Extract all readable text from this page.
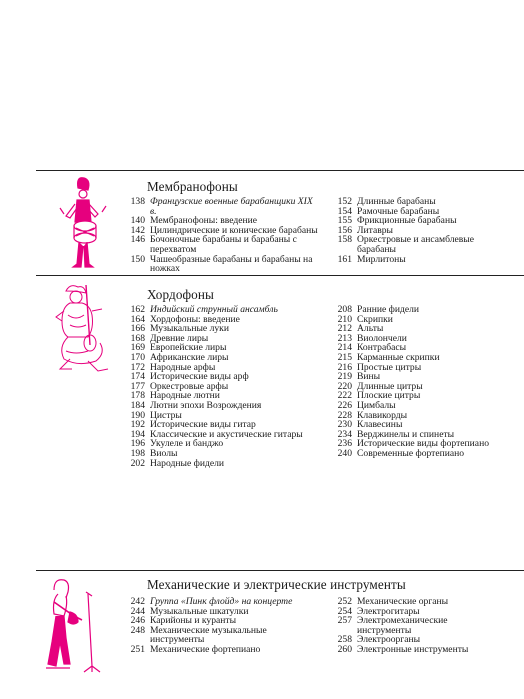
Мембранофоны
138 Французские военные барабанщики XIX в.
140 Мембранофоны: введение
142 Цилиндрические и конические барабаны
146 Бочоночные барабаны и барабаны с перехватом
150 Чашеобразные барабаны и барабаны на ножках
152 Длинные барабаны
154 Рамочные барабаны
155 Фрикционные барабаны
156 Литавры
158 Оркестровые и ансамблевые барабаны
161 Мирлитоны
Хордофоны
162 Индийский струнный ансамбль
164 Хордофоны: введение
166 Музыкальные луки
168 Древние лиры
169 Европейские лиры
170 Африканские лиры
172 Народные арфы
174 Исторические виды арф
177 Оркестровые арфы
178 Народные лютни
184 Лютни эпохи Возрождения
190 Цистры
192 Исторические виды гитар
194 Классические и акустические гитары
196 Укулеле и банджо
198 Виолы
202 Народные фидели
208 Ранние фидели
210 Скрипки
212 Альты
213 Виолончели
214 Контрабасы
215 Карманные скрипки
216 Простые цитры
219 Вины
220 Длинные цитры
222 Плоские цитры
226 Цимбалы
228 Клавикорды
230 Клавесины
234 Верджинелы и спинеты
236 Исторические виды фортепиано
240 Современные фортепиано
Механические и электрические инструменты
242 Группа «Пинк флойд» на концерте
244 Музыкальные шкатулки
246 Карийоны и куранты
248 Механические музыкальные инструменты
251 Механические фортепиано
252 Механические органы
254 Электрогитары
257 Электромеханические инструменты
258 Электроорганы
260 Электронные инструменты
